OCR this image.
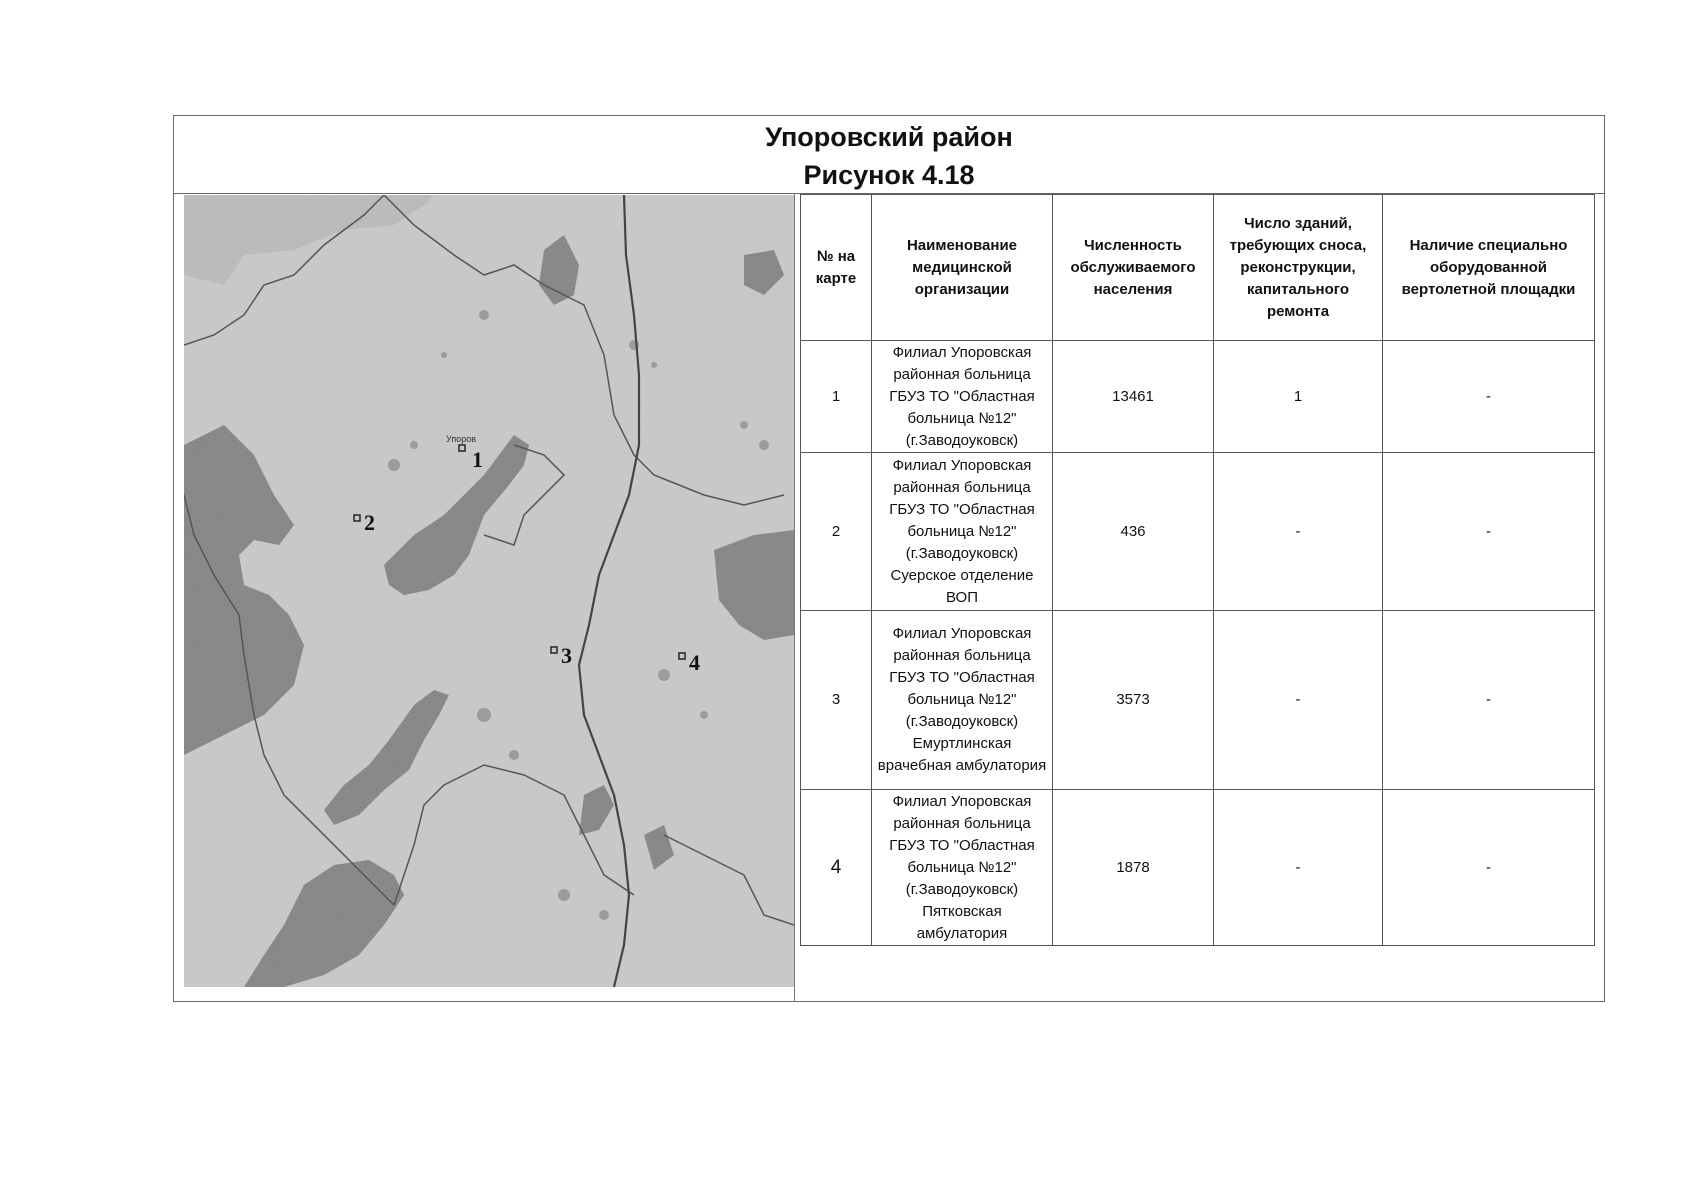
Упоровский район
Рисунок 4.18
1
Упоров
2
3	4
№ на карте	Наименование медицинской организации	Численность обслуживаемого населения	Число зданий, требующих сноса, реконструкции, капитального ремонта	Наличие специально оборудованной вертолетной площадки
1	Филиал Упоровская районная больница ГБУЗ ТО "Областная больница №12" (г.Заводоуковск)	13461	1	-
2	Филиал Упоровская районная больница ГБУЗ ТО "Областная больница №12" (г.Заводоуковск) Суерское отделение ВОП	436	-	-
3	Филиал Упоровская районная больница ГБУЗ ТО "Областная больница №12" (г.Заводоуковск) Емуртлинская врачебная амбулатория	3573	-	-
4	Филиал Упоровская районная больница ГБУЗ ТО "Областная больница №12" (г.Заводоуковск) Пятковская амбулатория	1878	-	-
